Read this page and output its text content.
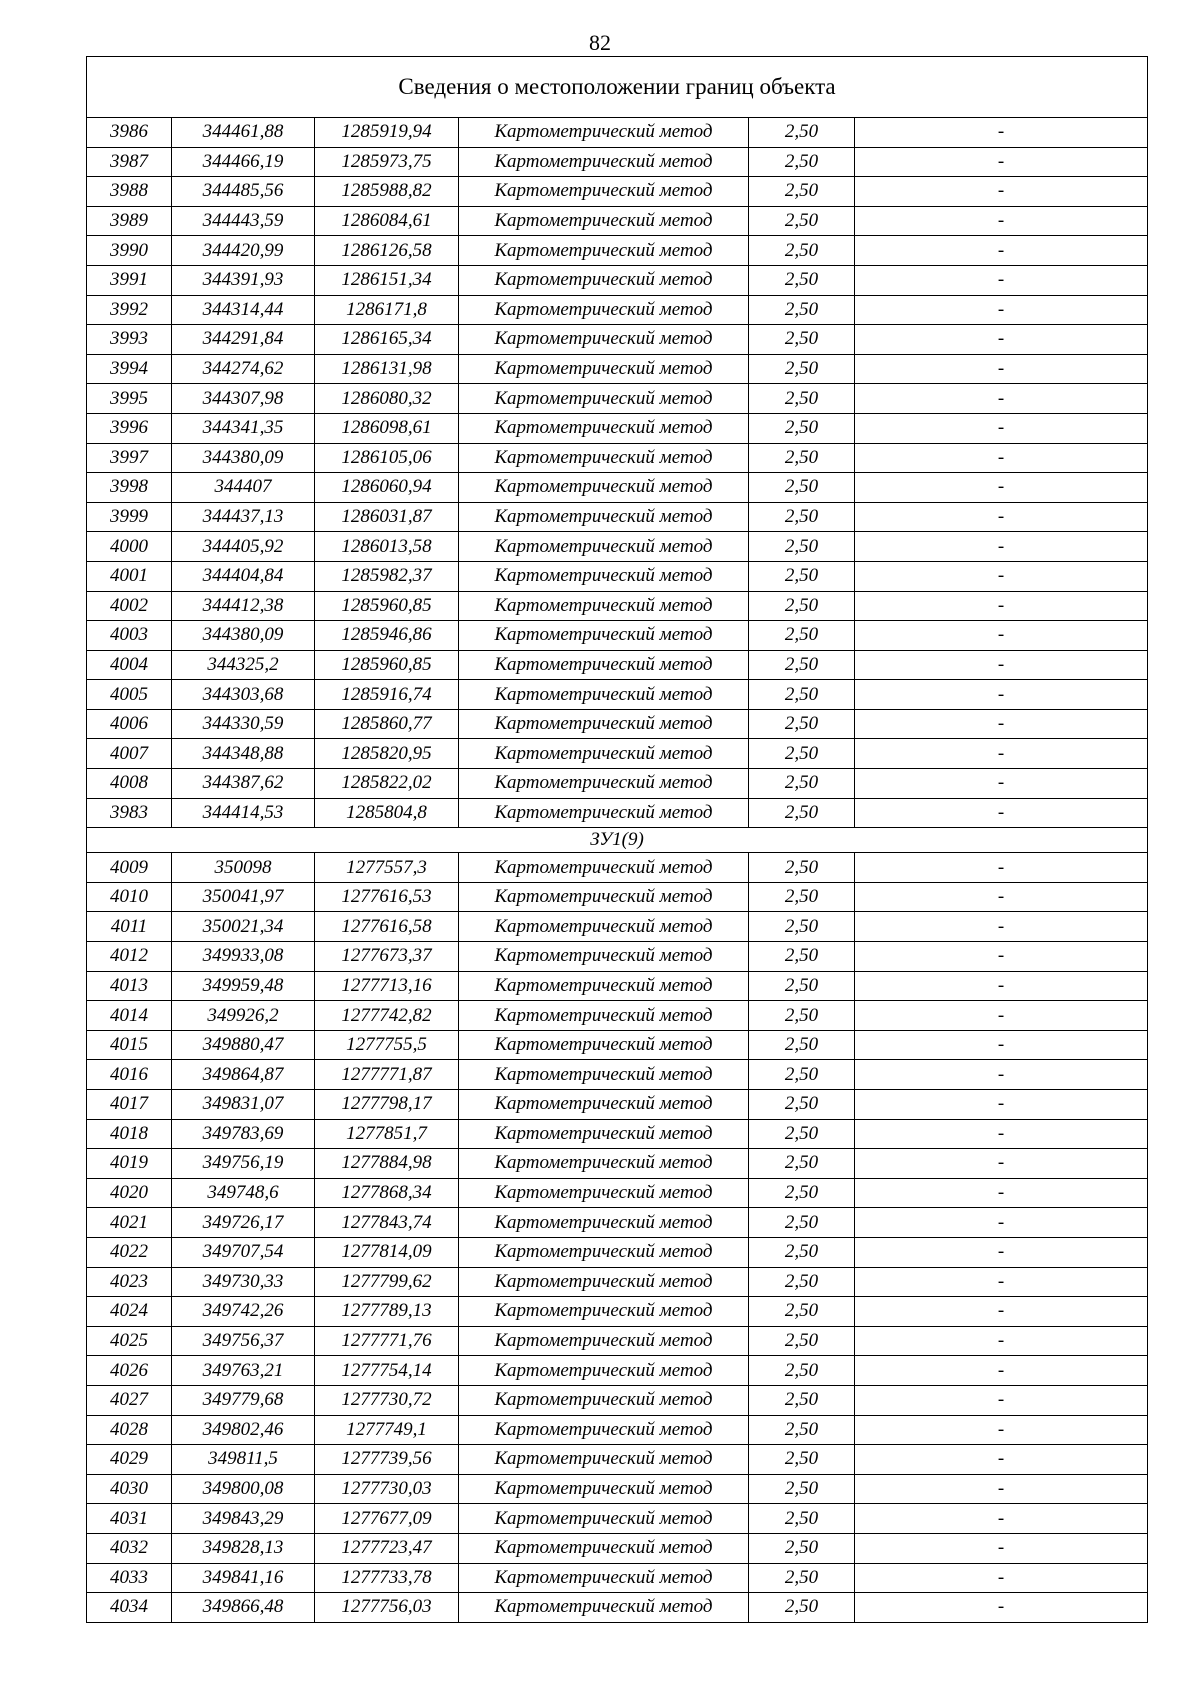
82
Сведения о местоположении границ объекта					
3986	344461,88	1285919,94	Картометрический метод	2,50	-
3987	344466,19	1285973,75	Картометрический метод	2,50	-
3988	344485,56	1285988,82	Картометрический метод	2,50	-
3989	344443,59	1286084,61	Картометрический метод	2,50	-
3990	344420,99	1286126,58	Картометрический метод	2,50	-
3991	344391,93	1286151,34	Картометрический метод	2,50	-
3992	344314,44	1286171,8	Картометрический метод	2,50	-
3993	344291,84	1286165,34	Картометрический метод	2,50	-
3994	344274,62	1286131,98	Картометрический метод	2,50	-
3995	344307,98	1286080,32	Картометрический метод	2,50	-
3996	344341,35	1286098,61	Картометрический метод	2,50	-
3997	344380,09	1286105,06	Картометрический метод	2,50	-
3998	344407	1286060,94	Картометрический метод	2,50	-
3999	344437,13	1286031,87	Картометрический метод	2,50	-
4000	344405,92	1286013,58	Картометрический метод	2,50	-
4001	344404,84	1285982,37	Картометрический метод	2,50	-
4002	344412,38	1285960,85	Картометрический метод	2,50	-
4003	344380,09	1285946,86	Картометрический метод	2,50	-
4004	344325,2	1285960,85	Картометрический метод	2,50	-
4005	344303,68	1285916,74	Картометрический метод	2,50	-
4006	344330,59	1285860,77	Картометрический метод	2,50	-
4007	344348,88	1285820,95	Картометрический метод	2,50	-
4008	344387,62	1285822,02	Картометрический метод	2,50	-
3983	344414,53	1285804,8	Картометрический метод	2,50	-
ЗУ1(9)					
4009	350098	1277557,3	Картометрический метод	2,50	-
4010	350041,97	1277616,53	Картометрический метод	2,50	-
4011	350021,34	1277616,58	Картометрический метод	2,50	-
4012	349933,08	1277673,37	Картометрический метод	2,50	-
4013	349959,48	1277713,16	Картометрический метод	2,50	-
4014	349926,2	1277742,82	Картометрический метод	2,50	-
4015	349880,47	1277755,5	Картометрический метод	2,50	-
4016	349864,87	1277771,87	Картометрический метод	2,50	-
4017	349831,07	1277798,17	Картометрический метод	2,50	-
4018	349783,69	1277851,7	Картометрический метод	2,50	-
4019	349756,19	1277884,98	Картометрический метод	2,50	-
4020	349748,6	1277868,34	Картометрический метод	2,50	-
4021	349726,17	1277843,74	Картометрический метод	2,50	-
4022	349707,54	1277814,09	Картометрический метод	2,50	-
4023	349730,33	1277799,62	Картометрический метод	2,50	-
4024	349742,26	1277789,13	Картометрический метод	2,50	-
4025	349756,37	1277771,76	Картометрический метод	2,50	-
4026	349763,21	1277754,14	Картометрический метод	2,50	-
4027	349779,68	1277730,72	Картометрический метод	2,50	-
4028	349802,46	1277749,1	Картометрический метод	2,50	-
4029	349811,5	1277739,56	Картометрический метод	2,50	-
4030	349800,08	1277730,03	Картометрический метод	2,50	-
4031	349843,29	1277677,09	Картометрический метод	2,50	-
4032	349828,13	1277723,47	Картометрический метод	2,50	-
4033	349841,16	1277733,78	Картометрический метод	2,50	-
4034	349866,48	1277756,03	Картометрический метод	2,50	-
